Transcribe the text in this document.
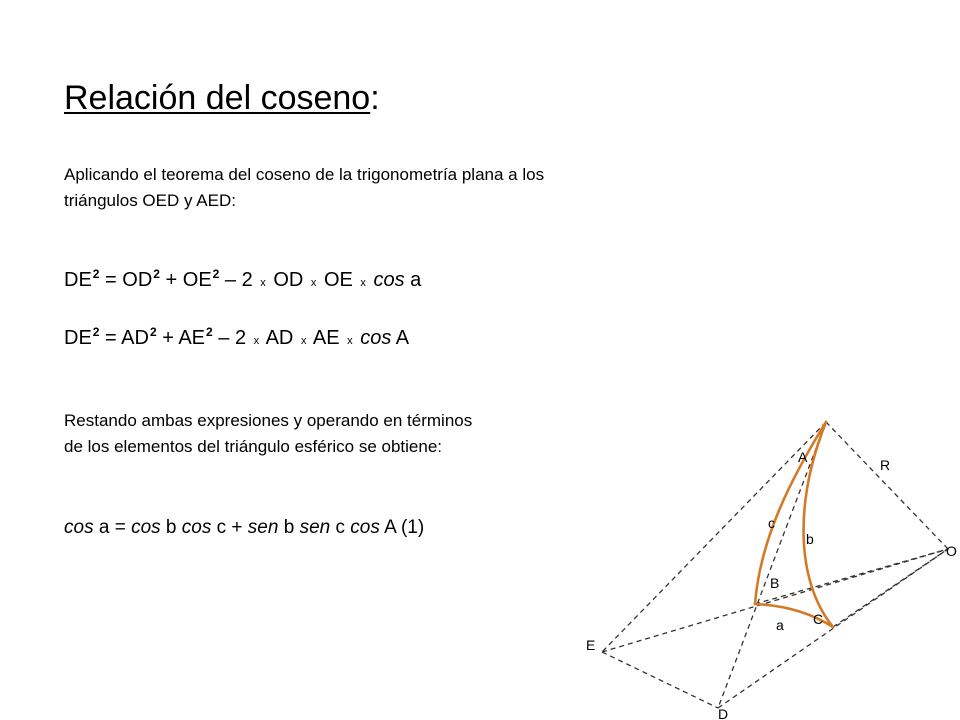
Relación del coseno:
Aplicando el teorema del coseno de la trigonometría plana a los
triángulos OED y AED:
$DE^2 = OD^2 + OE^2 - 2$ x OD x OE x cos a
$DE^2 = AD^2 + AE^2 - 2$ x AD x AE x cos A
Restando ambas expresiones y operando en términos
de los elementos del triángulo esférico se obtiene:
cos a = cos b cos c + sen b sen c cos A (1)
A
B
C
D
E
O
R
a
b
c
